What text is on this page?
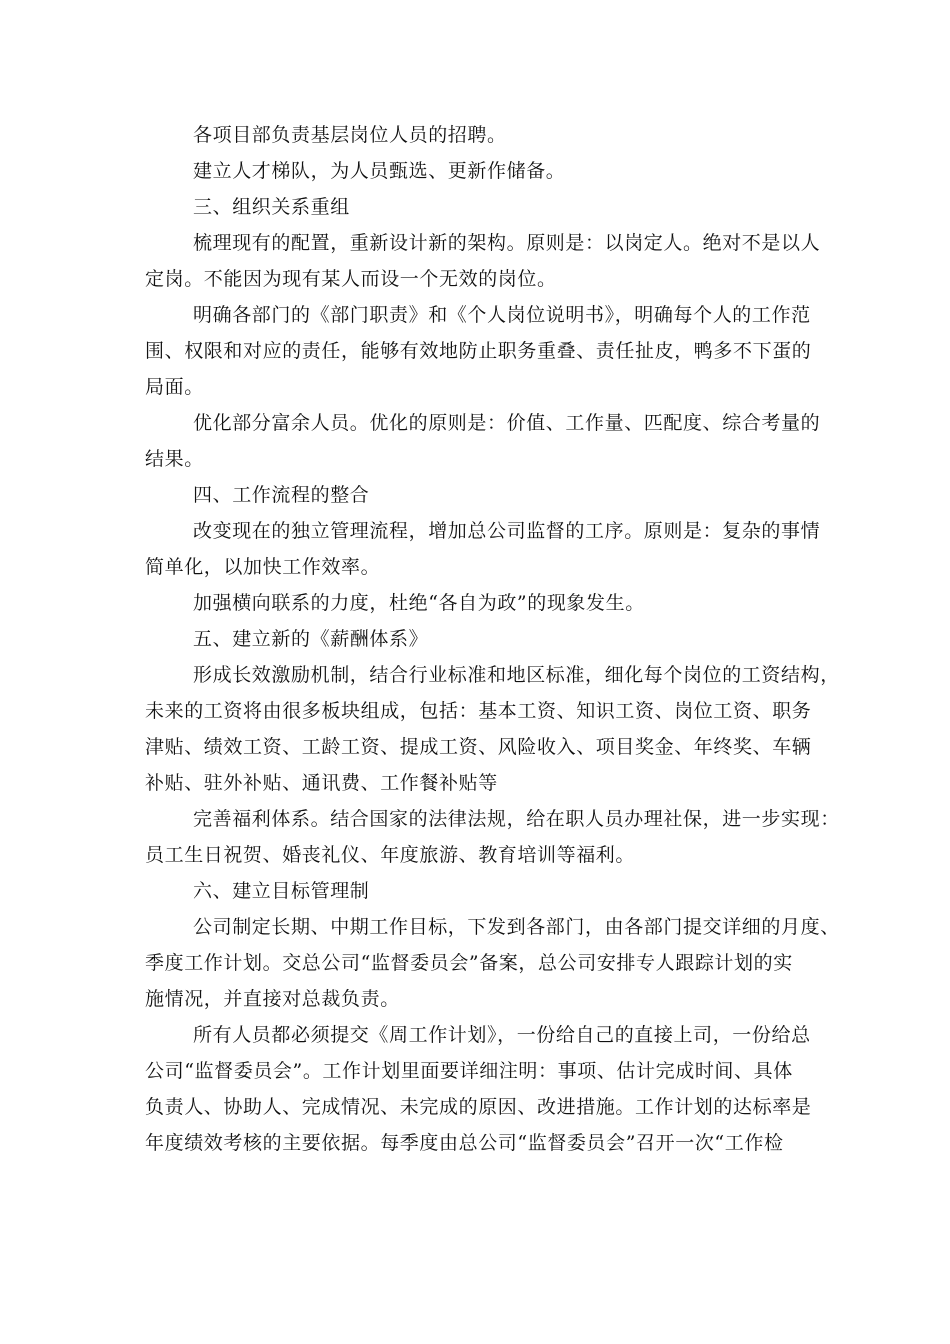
各项目部负责基层岗位人员的招聘。
建立人才梯队，为人员甄选、更新作储备。
三、组织关系重组
梳理现有的配置，重新设计新的架构。原则是：以岗定人。绝对不是以人
定岗。不能因为现有某人而设一个无效的岗位。
明确各部门的《部门职责》和《个人岗位说明书》，明确每个人的工作范
围、权限和对应的责任，能够有效地防止职务重叠、责任扯皮，鸭多不下蛋的
局面。
优化部分富余人员。优化的原则是：价值、工作量、匹配度、综合考量的
结果。
四、工作流程的整合
改变现在的独立管理流程，增加总公司监督的工序。原则是：复杂的事情
简单化，以加快工作效率。
加强横向联系的力度，杜绝“各自为政”的现象发生。
五、建立新的《薪酬体系》
形成长效激励机制，结合行业标准和地区标准，细化每个岗位的工资结构，
未来的工资将由很多板块组成，包括：基本工资、知识工资、岗位工资、职务
津贴、绩效工资、工龄工资、提成工资、风险收入、项目奖金、年终奖、车辆
补贴、驻外补贴、通讯费、工作餐补贴等
完善福利体系。结合国家的法律法规，给在职人员办理社保，进一步实现：
员工生日祝贺、婚丧礼仪、年度旅游、教育培训等福利。
六、建立目标管理制
公司制定长期、中期工作目标，下发到各部门，由各部门提交详细的月度、
季度工作计划。交总公司“监督委员会”备案，总公司安排专人跟踪计划的实
施情况，并直接对总裁负责。
所有人员都必须提交《周工作计划》，一份给自己的直接上司，一份给总
公司“监督委员会”。工作计划里面要详细注明：事项、估计完成时间、具体
负责人、协助人、完成情况、未完成的原因、改进措施。工作计划的达标率是
年度绩效考核的主要依据。每季度由总公司“监督委员会”召开一次“工作检
